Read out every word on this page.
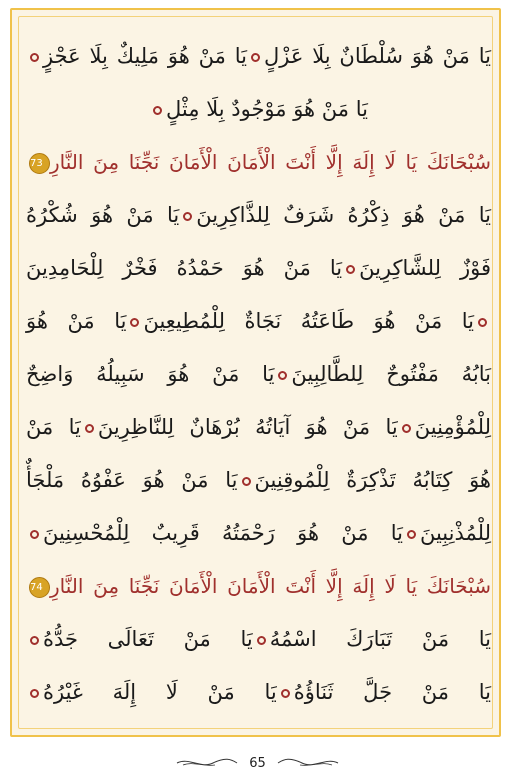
يَا مَنْ هُوَ سُلْطَانٌ بِلَا عَزْلٍيَا مَنْ هُوَ مَلِيكٌ بِلَا عَجْزٍ
يَا مَنْ هُوَ مَوْجُودٌ بِلَا مِثْلٍ
سُبْحَانَكَ يَا لَا إِلَهَ إِلَّا أَنْتَ الْأَمَانَ الْأَمَانَ نَجِّنَا مِنَ النَّارِ73
يَا مَنْ هُوَ ذِكْرُهُ شَرَفٌ لِلذَّاكِرِينَيَا مَنْ هُوَ شُكْرُهُ
فَوْزٌ لِلشَّاكِرِينَيَا مَنْ هُوَ حَمْدُهُ فَخْرٌ لِلْحَامِدِينَ
يَا مَنْ هُوَ طَاعَتُهُ نَجَاةٌ لِلْمُطِيعِينَيَا مَنْ هُوَ
بَابُهُ مَفْتُوحٌ لِلطَّالِبِينَيَا مَنْ هُوَ سَبِيلُهُ وَاضِحٌ
لِلْمُؤْمِنِينَيَا مَنْ هُوَ آيَاتُهُ بُرْهَانٌ لِلنَّاظِرِينَيَا مَنْ
هُوَ كِتَابُهُ تَذْكِرَةٌ لِلْمُوقِنِينَيَا مَنْ هُوَ عَفْوُهُ مَلْجَأٌ
لِلْمُذْنِبِينَيَا مَنْ هُوَ رَحْمَتُهُ قَرِيبٌ لِلْمُحْسِنِينَ
سُبْحَانَكَ يَا لَا إِلَهَ إِلَّا أَنْتَ الْأَمَانَ الْأَمَانَ نَجِّنَا مِنَ النَّارِ74
يَا مَنْ تَبَارَكَ اسْمُهُيَا مَنْ تَعَالَى جَدُّهُ
يَا مَنْ جَلَّ ثَنَاؤُهُيَا مَنْ لَا إِلَهَ غَيْرُهُ
65
